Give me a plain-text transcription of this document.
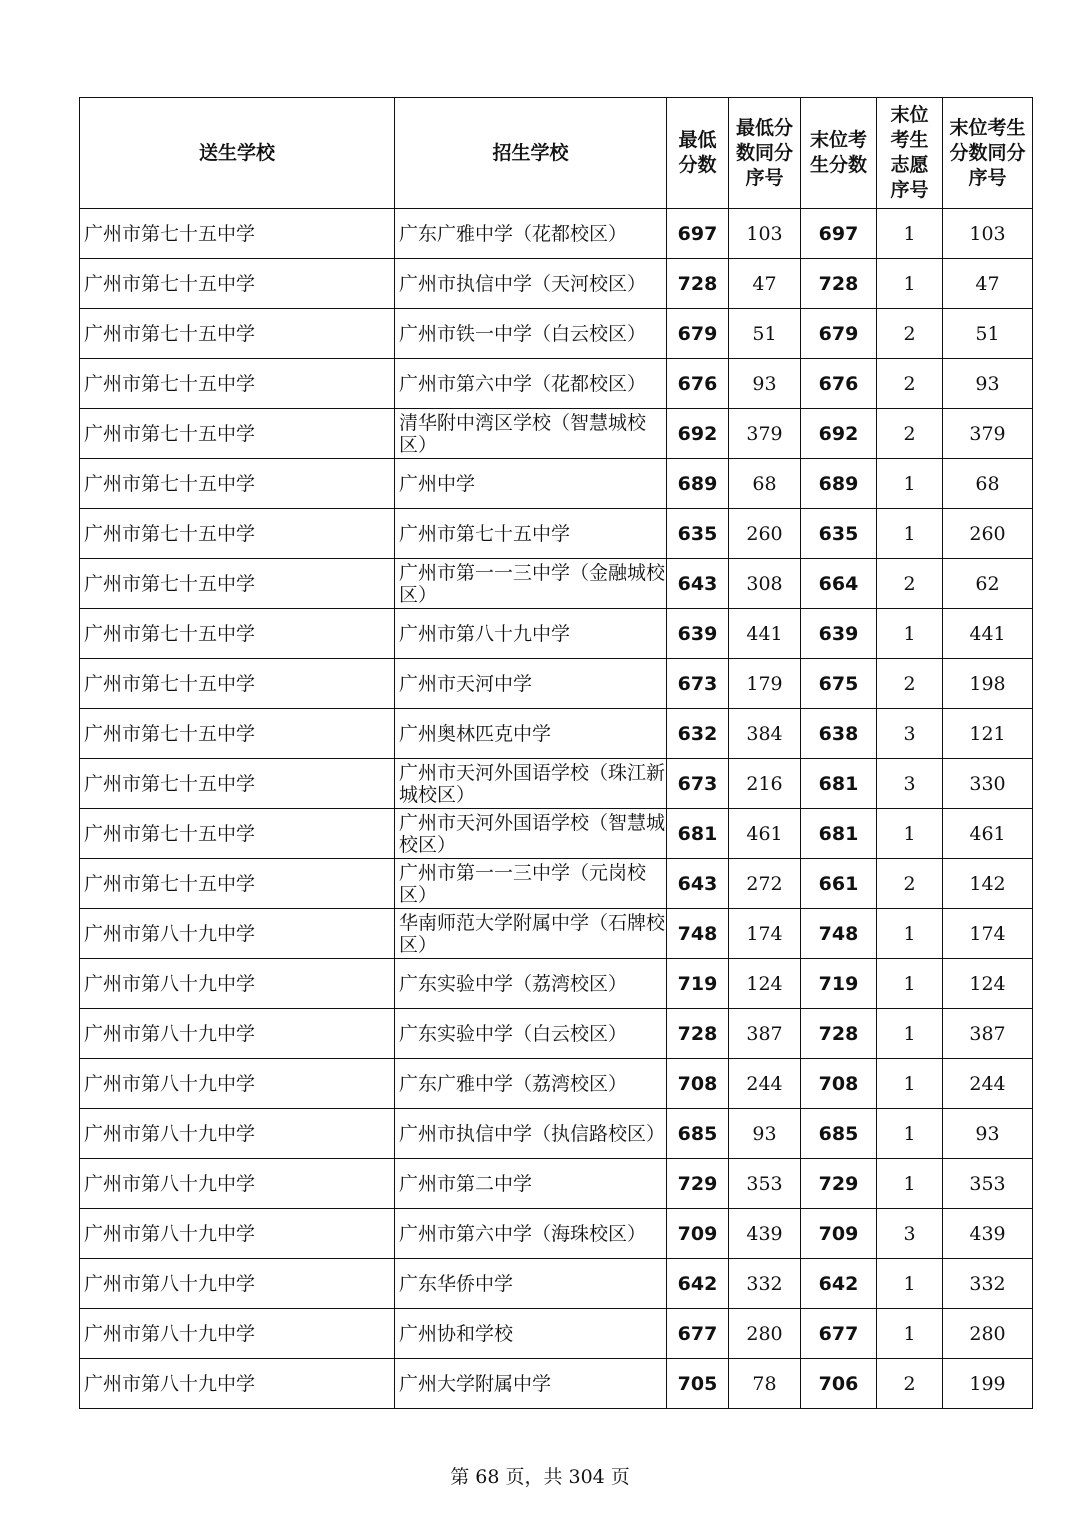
送生学校	招生学校	最低分数	最低分数同分序号	末位考生分数	末位考生志愿序号	末位考生分数同分序号

广州市第七十五中学	广东广雅中学（花都校区）	697	103	697	1	103
广州市第七十五中学	广州市执信中学（天河校区）	728	47	728	1	47
广州市第七十五中学	广州市铁一中学（白云校区）	679	51	679	2	51
广州市第七十五中学	广州市第六中学（花都校区）	676	93	676	2	93
广州市第七十五中学	清华附中湾区学校（智慧城校区）	692	379	692	2	379
广州市第七十五中学	广州中学	689	68	689	1	68
广州市第七十五中学	广州市第七十五中学	635	260	635	1	260
广州市第七十五中学	广州市第一一三中学（金融城校区）	643	308	664	2	62
广州市第七十五中学	广州市第八十九中学	639	441	639	1	441
广州市第七十五中学	广州市天河中学	673	179	675	2	198
广州市第七十五中学	广州奥林匹克中学	632	384	638	3	121
广州市第七十五中学	广州市天河外国语学校（珠江新城校区）	673	216	681	3	330
广州市第七十五中学	广州市天河外国语学校（智慧城校区）	681	461	681	1	461
广州市第七十五中学	广州市第一一三中学（元岗校区）	643	272	661	2	142
广州市第八十九中学	华南师范大学附属中学（石牌校区）	748	174	748	1	174
广州市第八十九中学	广东实验中学（荔湾校区）	719	124	719	1	124
广州市第八十九中学	广东实验中学（白云校区）	728	387	728	1	387
广州市第八十九中学	广东广雅中学（荔湾校区）	708	244	708	1	244
广州市第八十九中学	广州市执信中学（执信路校区）	685	93	685	1	93
广州市第八十九中学	广州市第二中学	729	353	729	1	353
广州市第八十九中学	广州市第六中学（海珠校区）	709	439	709	3	439
广州市第八十九中学	广东华侨中学	642	332	642	1	332
广州市第八十九中学	广州协和学校	677	280	677	1	280
广州市第八十九中学	广州大学附属中学	705	78	706	2	199
第 68 页，共 304 页
